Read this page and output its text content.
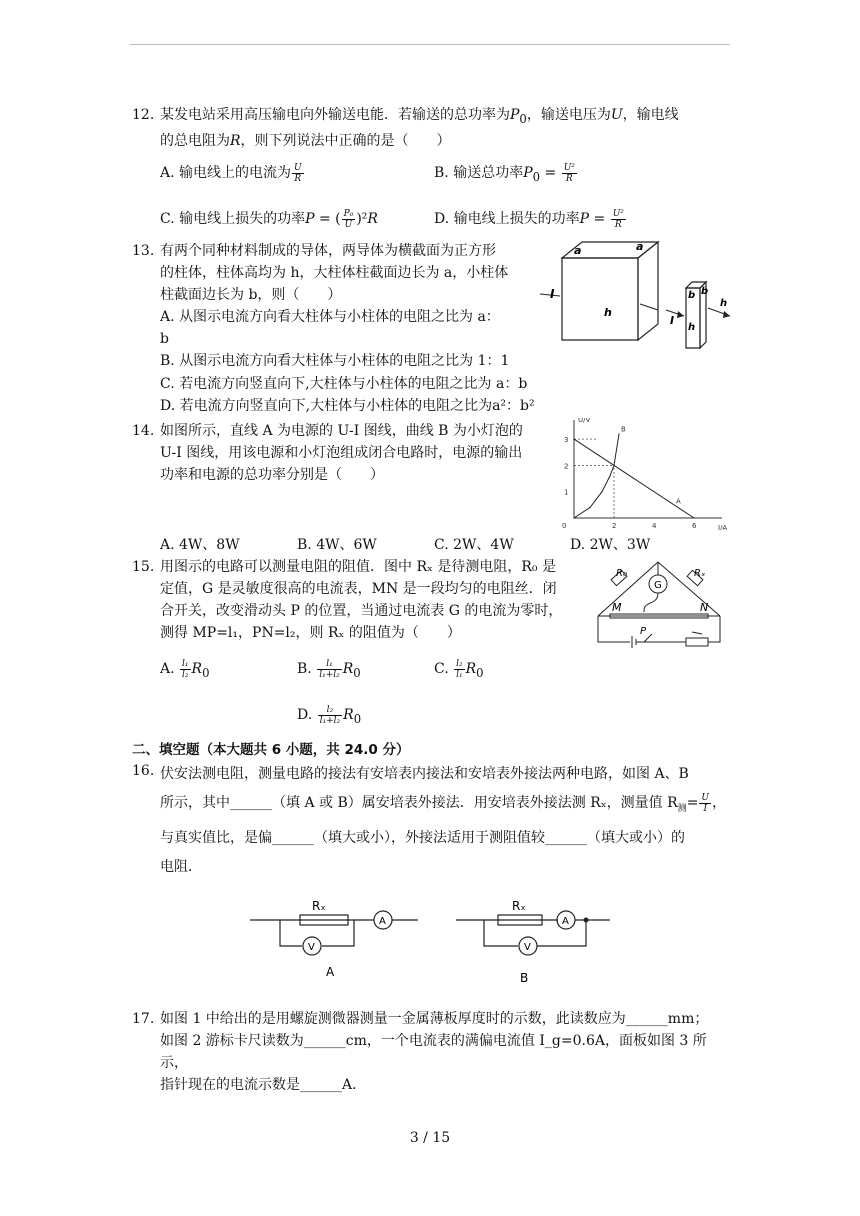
12. 某发电站采用高压输电向外输送电能．若输送的总功率为$P_0$，输送电压为U，输电线
的总电阻为R，则下列说法中正确的是（　　）
A. 输电线上的电流为 $\frac{U}{R}$	B. 输送总功率$P_0 = \frac{\text{U²}}{R}$
C. 输电线上损失的功率P = ( $\frac{\text{P₀}}{U} )^2R$	D. 输电线上损失的功率$P = \frac{\text{U²}}{R}$
13. 有两个同种材料制成的导体，两导体为横截面为正方形
的柱体，柱体高均为 h，大柱体柱截面边长为 a，小柱体
柱截面边长为 b，则（　　）
A. 从图示电流方向看大柱体与小柱体的电阻之比为 a：
b
B. 从图示电流方向看大柱体与小柱体的电阻之比为 1：1
C. 若电流方向竖直向下,大柱体与小柱体的电阻之比为 a：b
D. 若电流方向竖直向下,大柱体与小柱体的电阻之比为a²：b²
I
a	a
h
I
b b
h
h
14. 如图所示，直线 A 为电源的 U-I 图线，曲线 B 为小灯泡的
U-I 图线，用该电源和小灯泡组成闭合电路时，电源的输出
功率和电源的总功率分别是（　　）
A. 4W、8W	B. 4W、6W	C. 2W、4W	D. 2W、3W
I/A
U/V
0	2	4	6
1
2
3
B
A
15. 用图示的电路可以测量电阻的阻值．图中 Rₓ 是待测电阻，R₀ 是
定值，G 是灵敏度很高的电流表，MN 是一段均匀的电阻丝．闭
合开关，改变滑动头 P 的位置，当通过电流表 G 的电流为零时，
测得 MP=l₁，PN=l₂，则 Rₓ 的阻值为（　　）
A. $\frac{\text{l₁}}{\text{l₂}} R_0$	B. $\frac{\text{l₁}}{\text{l₁+l₂}} R_0$	C. $\frac{\text{l₂}}{\text{l₁}} R_0$
D. $\frac{\text{l₂}}{\text{l₁+l₂}} R_0$
R₀	Rₓ
G
M	N
P
二、填空题（本大题共 6 小题，共 24.0 分）
16. 伏安法测电阻，测量电路的接法有安培表内接法和安培表外接法两种电路，如图 A、B
所示，其中______（填 A 或 B）属安培表外接法．用安培表外接法测 Rₓ，测量值 $R_测= \frac{U}{I}$ ，
与真实值比，是偏______（填大或小），外接法适用于测阻值较______（填大或小）的
电阻．
Rₓ
A
V
A
Rₓ
A
V
B
17. 如图 1 中给出的是用螺旋测微器测量一金属薄板厚度时的示数，此读数应为______mm；
如图 2 游标卡尺读数为______cm，一个电流表的满偏电流值 I_g=0.6A，面板如图 3 所示，
指针现在的电流示数是______A．
3 / 15
